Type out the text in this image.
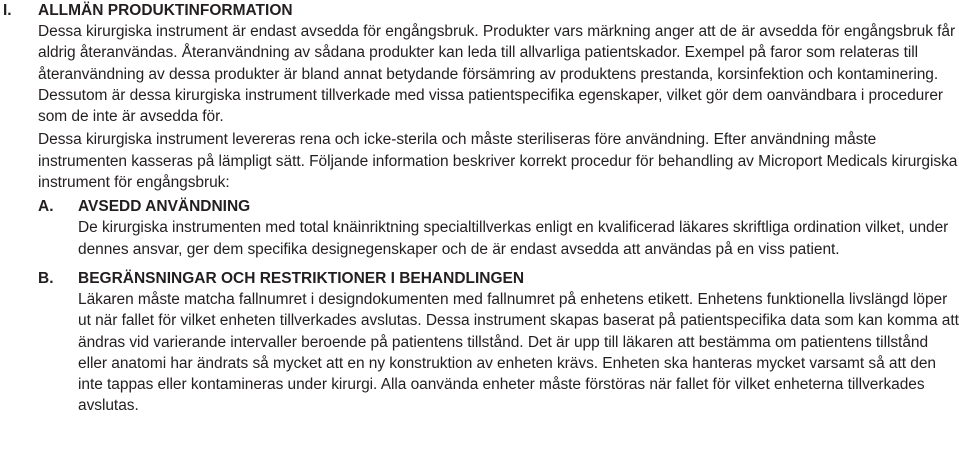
I.	ALLMÄN PRODUKTINFORMATION

Dessa kirurgiska instrument är endast avsedda för engångsbruk. Produkter vars märkning anger att de är avsedda för engångsbruk får aldrig återanvändas. Återanvändning av sådana produkter kan leda till allvarliga patientskador. Exempel på faror som relateras till återanvändning av dessa produkter är bland annat betydande försämring av produktens prestanda, korsinfektion och kontaminering. Dessutom är dessa kirurgiska instrument tillverkade med vissa patientspecifika egenskaper, vilket gör dem oanvändbara i procedurer som de inte är avsedda för.

Dessa kirurgiska instrument levereras rena och icke-sterila och måste steriliseras före användning. Efter användning måste instrumenten kasseras på lämpligt sätt. Följande information beskriver korrekt procedur för behandling av Microport Medicals kirurgiska instrument för engångsbruk:

A.	AVSEDD ANVÄNDNING

De kirurgiska instrumenten med total knäinriktning specialtillverkas enligt en kvalificerad läkares skriftliga ordination vilket, under dennes ansvar, ger dem specifika designegenskaper och de är endast avsedda att användas på en viss patient.

B.	BEGRÄNSNINGAR OCH RESTRIKTIONER I BEHANDLINGEN

Läkaren måste matcha fallnumret i designdokumenten med fallnumret på enhetens etikett. Enhetens funktionella livslängd löper ut när fallet för vilket enheten tillverkades avslutas. Dessa instrument skapas baserat på patientspecifika data som kan komma att ändras vid varierande intervaller beroende på patientens tillstånd. Det är upp till läkaren att bestämma om patientens tillstånd eller anatomi har ändrats så mycket att en ny konstruktion av enheten krävs. Enheten ska hanteras mycket varsamt så att den inte tappas eller kontamineras under kirurgi. Alla oanvända enheter måste förstöras när fallet för vilket enheterna tillverkades avslutas.
